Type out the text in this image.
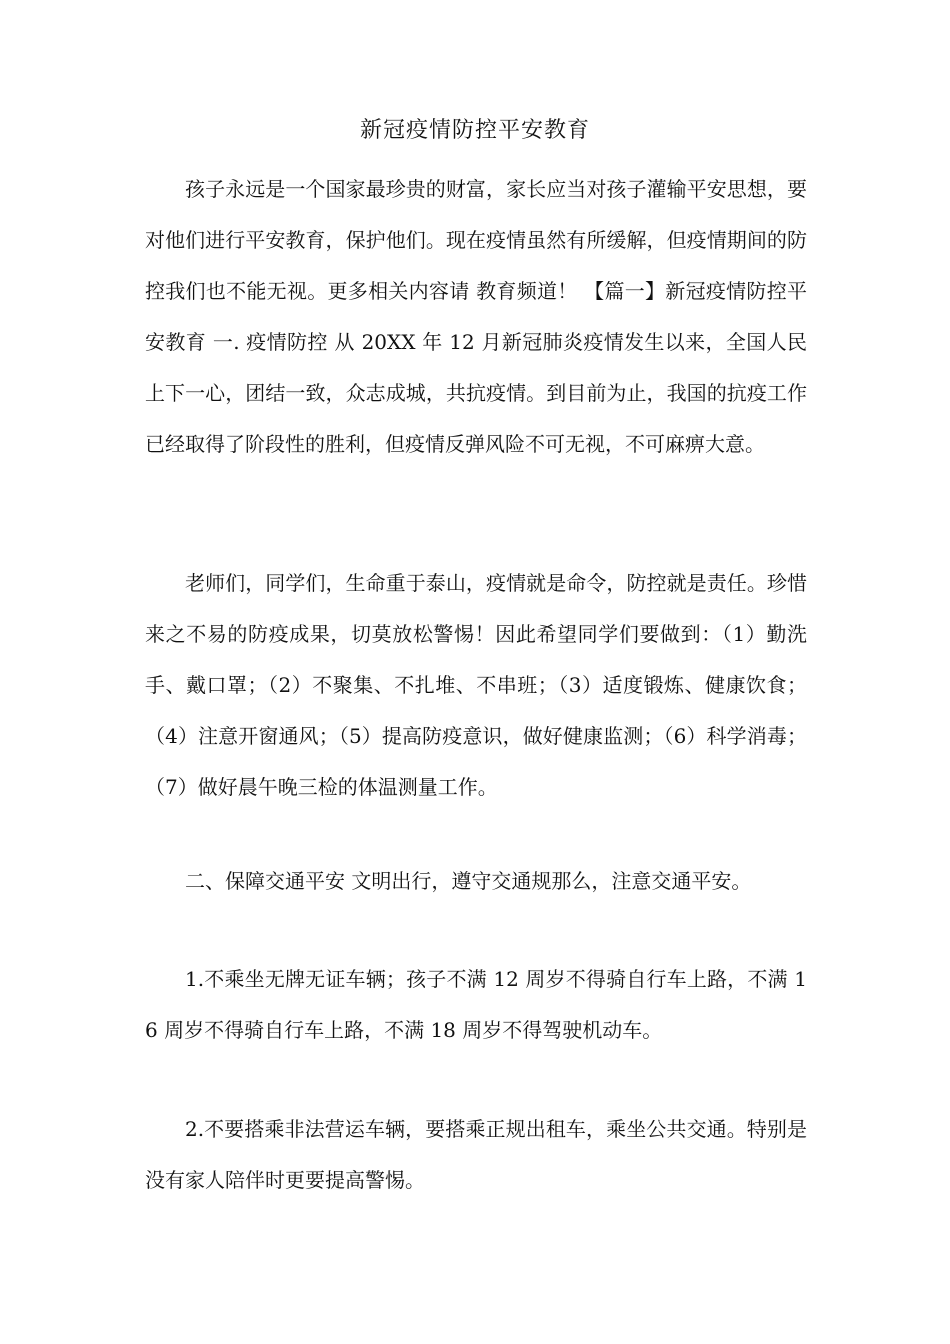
新冠疫情防控平安教育

孩子永远是一个国家最珍贵的财富，家长应当对孩子灌输平安思想，要对他们进行平安教育，保护他们。现在疫情虽然有所缓解，但疫情期间的防控我们也不能无视。更多相关内容请 教育频道！ 【篇一】新冠疫情防控平安教育 一. 疫情防控 从 20XX 年 12 月新冠肺炎疫情发生以来，全国人民上下一心，团结一致，众志成城，共抗疫情。到目前为止，我国的抗疫工作已经取得了阶段性的胜利，但疫情反弹风险不可无视，不可麻痹大意。

老师们，同学们，生命重于泰山，疫情就是命令，防控就是责任。珍惜来之不易的防疫成果，切莫放松警惕！因此希望同学们要做到：（1）勤洗手、戴口罩；（2）不聚集、不扎堆、不串班；（3）适度锻炼、健康饮食；（4）注意开窗通风；（5）提高防疫意识，做好健康监测；（6）科学消毒；（7）做好晨午晚三检的体温测量工作。

二、保障交通平安 文明出行，遵守交通规那么，注意交通平安。

1.不乘坐无牌无证车辆；孩子不满 12 周岁不得骑自行车上路，不满 16 周岁不得骑自行车上路，不满 18 周岁不得驾驶机动车。

2.不要搭乘非法营运车辆，要搭乘正规出租车，乘坐公共交通。特别是没有家人陪伴时更要提高警惕。
